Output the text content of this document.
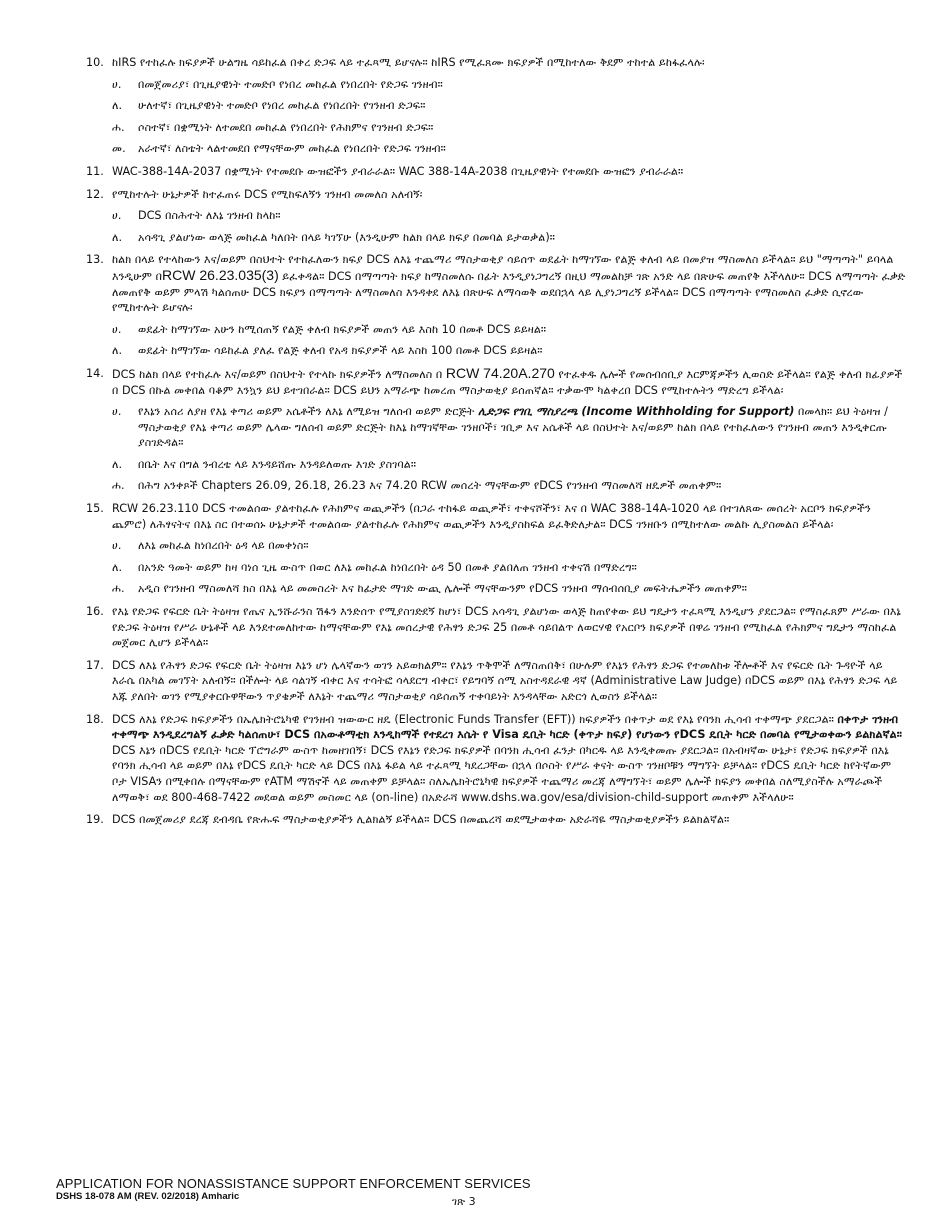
10. ከIRS የተከፈሉ ክፍያዎች ሁልግዜ ሳይከፈል በቀረ ድጋፍ ላይ ተፈጻሚ ይሆናሉ። ከIRS የሚፈጸሙ ክፍያዎች በሚከተለው ቅደም ተከተል ይከፋፈላሉ፡
ሀ. በመጀመሪያ፣ በጊዜያዊነት ተመድቦ የነበረ መከፈል የነበረበት የድጋፍ ገንዘብ።
ለ. ሁለተኛ፣ በጊዜያዊነት ተመድቦ የነበረ መከፈል የነበረበት የገንዘብ ድጋፍ።
ሐ. ሶስተኛ፣ በቋሚነት ለተመደበ መከፈል የነበረበት የሕክምና የገንዘብ ድጋፍ።
መ. አራተኛ፣ ለስቴት ላልተመደበ የማናቸውም መከፈል የነበረበት የድጋፍ ገንዘብ።
11. WAC-388-14A-2037 በቋሚነት የተመደቡ ውዝፎችን ያብራራል። WAC 388-14A-2038 በጊዜያዊነት የተመደቡ ውዝፎን ያብራራል።
12. የሚከተሉት ሁኔታዎች ከተፈጠሩ DCS የሚከፍለኝን ገንዘብ መመለስ አለብኝ፡
ሀ. DCS በስሕተት ለእኔ ገንዘብ ከላከ።
ለ. አሳዳጊ ያልሆነው ወላጅ መከፈል ካለበት በላይ ካገኘሁ (እንዲሁም ከልክ በላይ ክፍያ በመባል ይታወቃል)።
13. ከልክ በላይ የተላከውን እና/ወይም በስህተት የተከፈለውን ክፍያ DCS ለእኔ ተጨማሪ ማስታወቂያ ሳይሰጥ ወደፊት ከማገኘው የልጅ ቀለብ ላይ በመያዝ ማስመለስ ይችላል። ይህ "ማጣጣት" ይባላል እንዲሁም በRCW 26.23.035(3) ይፈቀዳል። DCS በማጣጣት ክፍያ ከማስመለሱ በፊት እንዲያነጋግረኝ በዚህ ማመልከቻ ገጽ አንድ ላይ በጽሁፍ መጠየቅ እችላለሁ። DCS ለማጣጣት ፈቃድ ለመጠየቅ ወይም ምላሽ ካልሰጠሁ DCS ክፍያን በማጣጣት ለማስመለስ እንዳቀደ ለእኔ በጽሁፍ ለማሳወቅ ወደበኋላ ላይ ሊያነጋግረኝ ይችላል። DCS በማጣጣት የማስመለስ ፈቃድ ሲኖረው የሚከተሉት ይሆናሉ፡
ሀ. ወደፊት ከማገኘው አሁን ከሚሰጠኝ የልጅ ቀለብ ክፍያዎች መጠን ላይ እስከ 10 በመቶ DCS ይይዛል።
ለ. ወደፊት ከማገኘው ሳይከፈል ያለፈ የልጅ ቀለብ የአዳ ክፍያዎች ላይ እስከ 100 በመቶ DCS ይይዛል።
14. DCS ከልክ በላይ የተከፈሉ እና/ወይም በስህተት የተላኩ ክፍያዎችን ለማስመለስ በ RCW 74.20A.270 የተፈቀዱ ሌሎች የመሰብሰቢያ እርምጃዎችን ሊወስድ ይችላል። የልጅ ቀለብ ክፊያዎች በ DCS በኩል መቀበል ባቆም እንኳን ይህ ይተገበራል። DCS ይህን አማራጭ ከመረጠ ማስታወቂያ ይሰጠኛል። ተቃውሞ ካልቀረበ DCS የሚከተሉትን ማድረግ ይችላል፡
ሀ. የእኔን አሰሪ ለያዘ የእኔ ቀጣሪ ወይም አሴቶችን ለእኔ ለሚይዝ ግለሰብ ወይም ድርጅት ሊድጋፍ የገቢ ማስያረጫ (Income Withholding for Support) በመላክ። ይህ ትዕዛዝ / ማስታወቂያ የእኔ ቀጣሪ ወይም ሌላው ግለሰብ ወይም ድርጅት ከእኔ ከማገኛቸው ገንዘቦች፣ ገቢዎ እና አሴቶች ላይ በስህተት እና/ወይም ከልክ በላይ የተከፈለውን የገንዘብ መጠን እንዲቀርጡ ያስገድዳል።
ለ. በቤት እና በግል ንብረቴ ላይ እንዳይሸጡ እንዳይለወጡ እገድ ያስገባል።
ሐ. በሕግ አንቀጾች Chapters 26.09, 26.18, 26.23 እና 74.20 RCW መሰረት ማናቸውም የDCS የገንዘብ ማስመለሻ ዘዴዎች መጠቀም።
15. RCW 26.23.110 DCS ተመልሰው ያልተከፈሉ የሕክምና ወጪዎችን (በጋራ ተከፋይ ወጪዎች፣ ተቀናሾችን፣ እና በ WAC 388-14A-1020 ላይ በተገለጸው መሰረት አርቦን ክፍያዎችን ጨምሮ) ለሕፃናትና በእኔ ስር በተወሰኑ ሁኔታዎች ተመልሰው ያልተከፈሉ የሕክምና ወጪዎችን እንዲያስከፍል ይፈቅድለታል። DCS ገንዘቡን በሚከተለው መልኩ ሊያስመልስ ይችላል፡
ሀ. ለእኔ መከፈል ከነበረበት ዕዳ ላይ በመቀነስ።
ለ. በአንድ ዓመት ወይም ከዛ ባነሰ ጊዜ ውስጥ በወር ለእኔ መከፈል ከነበረበት ዕዳ 50 በመቶ ያልበለጠ ገንዘብ ተቀናሽ በማድረግ።
ሐ. አዲስ የገንዘብ ማስመለሻ ክስ በእኔ ላይ መመስረት እና ከፊታድ ማገድ ውጪ ሌሎች ማናቸውንም የDCS ገንዘብ ማሰብሰቢያ መፍትሔዎችን መጠቀም።
16. የእኔ የድጋፍ የፍርድ ቤት ትዕዛዝ የጤና ኢንሹራንስ ሽፋን እንድሰጥ የሚያስገድደኝ ከሆነ፣ DCS አሳዳጊ ያልሆነው ወላጅ ከጠየቀው ይህ ግዴታን ተፈጻሚ እንዲሆን ያደርጋል። የማስፈጸም ሥራው በእኔ የድጋፍ ትዕዛዝ የሥራ ሁኔቶች ላይ እንደተመለከተው ከማናቸውም የእኔ መሰረታዊ የሕፃን ድጋፍ 25 በመቶ ሳይበልጥ ለወርሃዊ የአርቦን ክፍያዎች በዋሬ ገንዘብ የሚከፈል የሕክምና ግዴታን ማስከፈል መጀመር ሊሆን ይችላል።
17. DCS ለእኔ የሕፃን ድጋፍ የፍርድ ቤት ትዕዛዝ እኔን ሆነ ሌላኛውን ወገን አይወክልም። የእኔን ጥቅሞች ለማስጠበቅ፣ በሁሉም የእኔን የሕፃን ድጋፍ የተመለከቱ ችሎቶች እና የፍርድ ቤት ጉዳዮች ላይ እራሴ በአካል መገኘት አለብኝ። በችሎት ላይ ሳልገኝ ብቀር እና ተሳትፎ ሳላደርግ ብቀር፣ የይግባኝ ሰሚ አስተዳደራዊ ዳኛ (Administrative Law Judge) በDCS ወይም በእኔ የሕፃን ድጋፍ ላይ እጁ ያለበት ወገን የሚያቀርቡዋቸውን ጥያቄዎች ለእኔት ተጨማሪ ማስታወቂያ ሳይሰጠኝ ተቀባይነት እንዳላቸው አድርጎ ሊወስን ይችላል።
18. DCS ለእኔ የድጋፍ ክፍያዎችን በኤሌክትሮኒካዊ የገንዘብ ዝውውር ዘዴ (Electronic Funds Transfer (EFT)) ክፍያዎችን በቀጥታ ወደ የእኔ የባንክ ሒሳብ ተቀማጭ ያደርጋል። በቀጥታ ገንዘብ ተቀማጭ እንዲደረግልኝ ፈቃድ ካልሰጠሁ፣ DCS በአውቶማቲክ እንዲከማች የተደረገ እሴት የ Visa ዴቢት ካርድ (ቀጥታ ክፍያ) የሆነውን የDCS ዴቢት ካርድ በመባል የሚታወቀውን ይልክልኛል። DCS እኔን በDCS የዴቢት ካርድ ፕሮግራም ውስጥ ከመዘገበኝ፣ DCS የእኔን የድጋፍ ክፍያዎች በባንክ ሒሳብ ፈንታ በካርዱ ላይ እንዲቀመጡ ያደርጋል። በአብዛኛው ሁኔታ፣ የድጋፍ ክፍያዎች በእኔ የባንክ ሒሳብ ላይ ወይም በእኔ የDCS ዴቢት ካርድ ላይ DCS በእኔ ፋይል ላይ ተፈጻሚ ካደረጋቸው በኋላ በሶስት የሥራ ቀናት ውስጥ ገንዘቦቹን ማግኘት ይቻላል። የDCS ዴቢት ካርድ ከየትኛውም ቦታ VISAን በሚቀበሉ በማናቸውም የATM ማሽኖች ላይ መጠቀም ይቻላል። ስለኤሌክትሮኒካዊ ክፍያዎች ተጨማሪ መረጃ ለማግኘት፣ ወይም ሌሎች ክፍያን መቀበል ስለሚያስችሉ አማራጮች ለማወቅ፣ ወደ 800-468-7422 መደወል ወይም መስመር ላይ (on-line) በአድራሻ www.dshs.wa.gov/esa/division-child-support መጠቀም እችላለሁ።
19. DCS በመጀመሪያ ደረጃ ደብዳቤ የጽሑፍ ማስታወቂያዎችን ሊልክልኝ ይችላል። DCS በመጨረሻ ወደሚታወቀው አድራሻዬ ማስታወቂያዎችን ይልክልኛል።
APPLICATION FOR NONASSISTANCE SUPPORT ENFORCEMENT SERVICES
DSHS 18-078 AM (REV. 02/2018) Amharic	ገጽ 3
